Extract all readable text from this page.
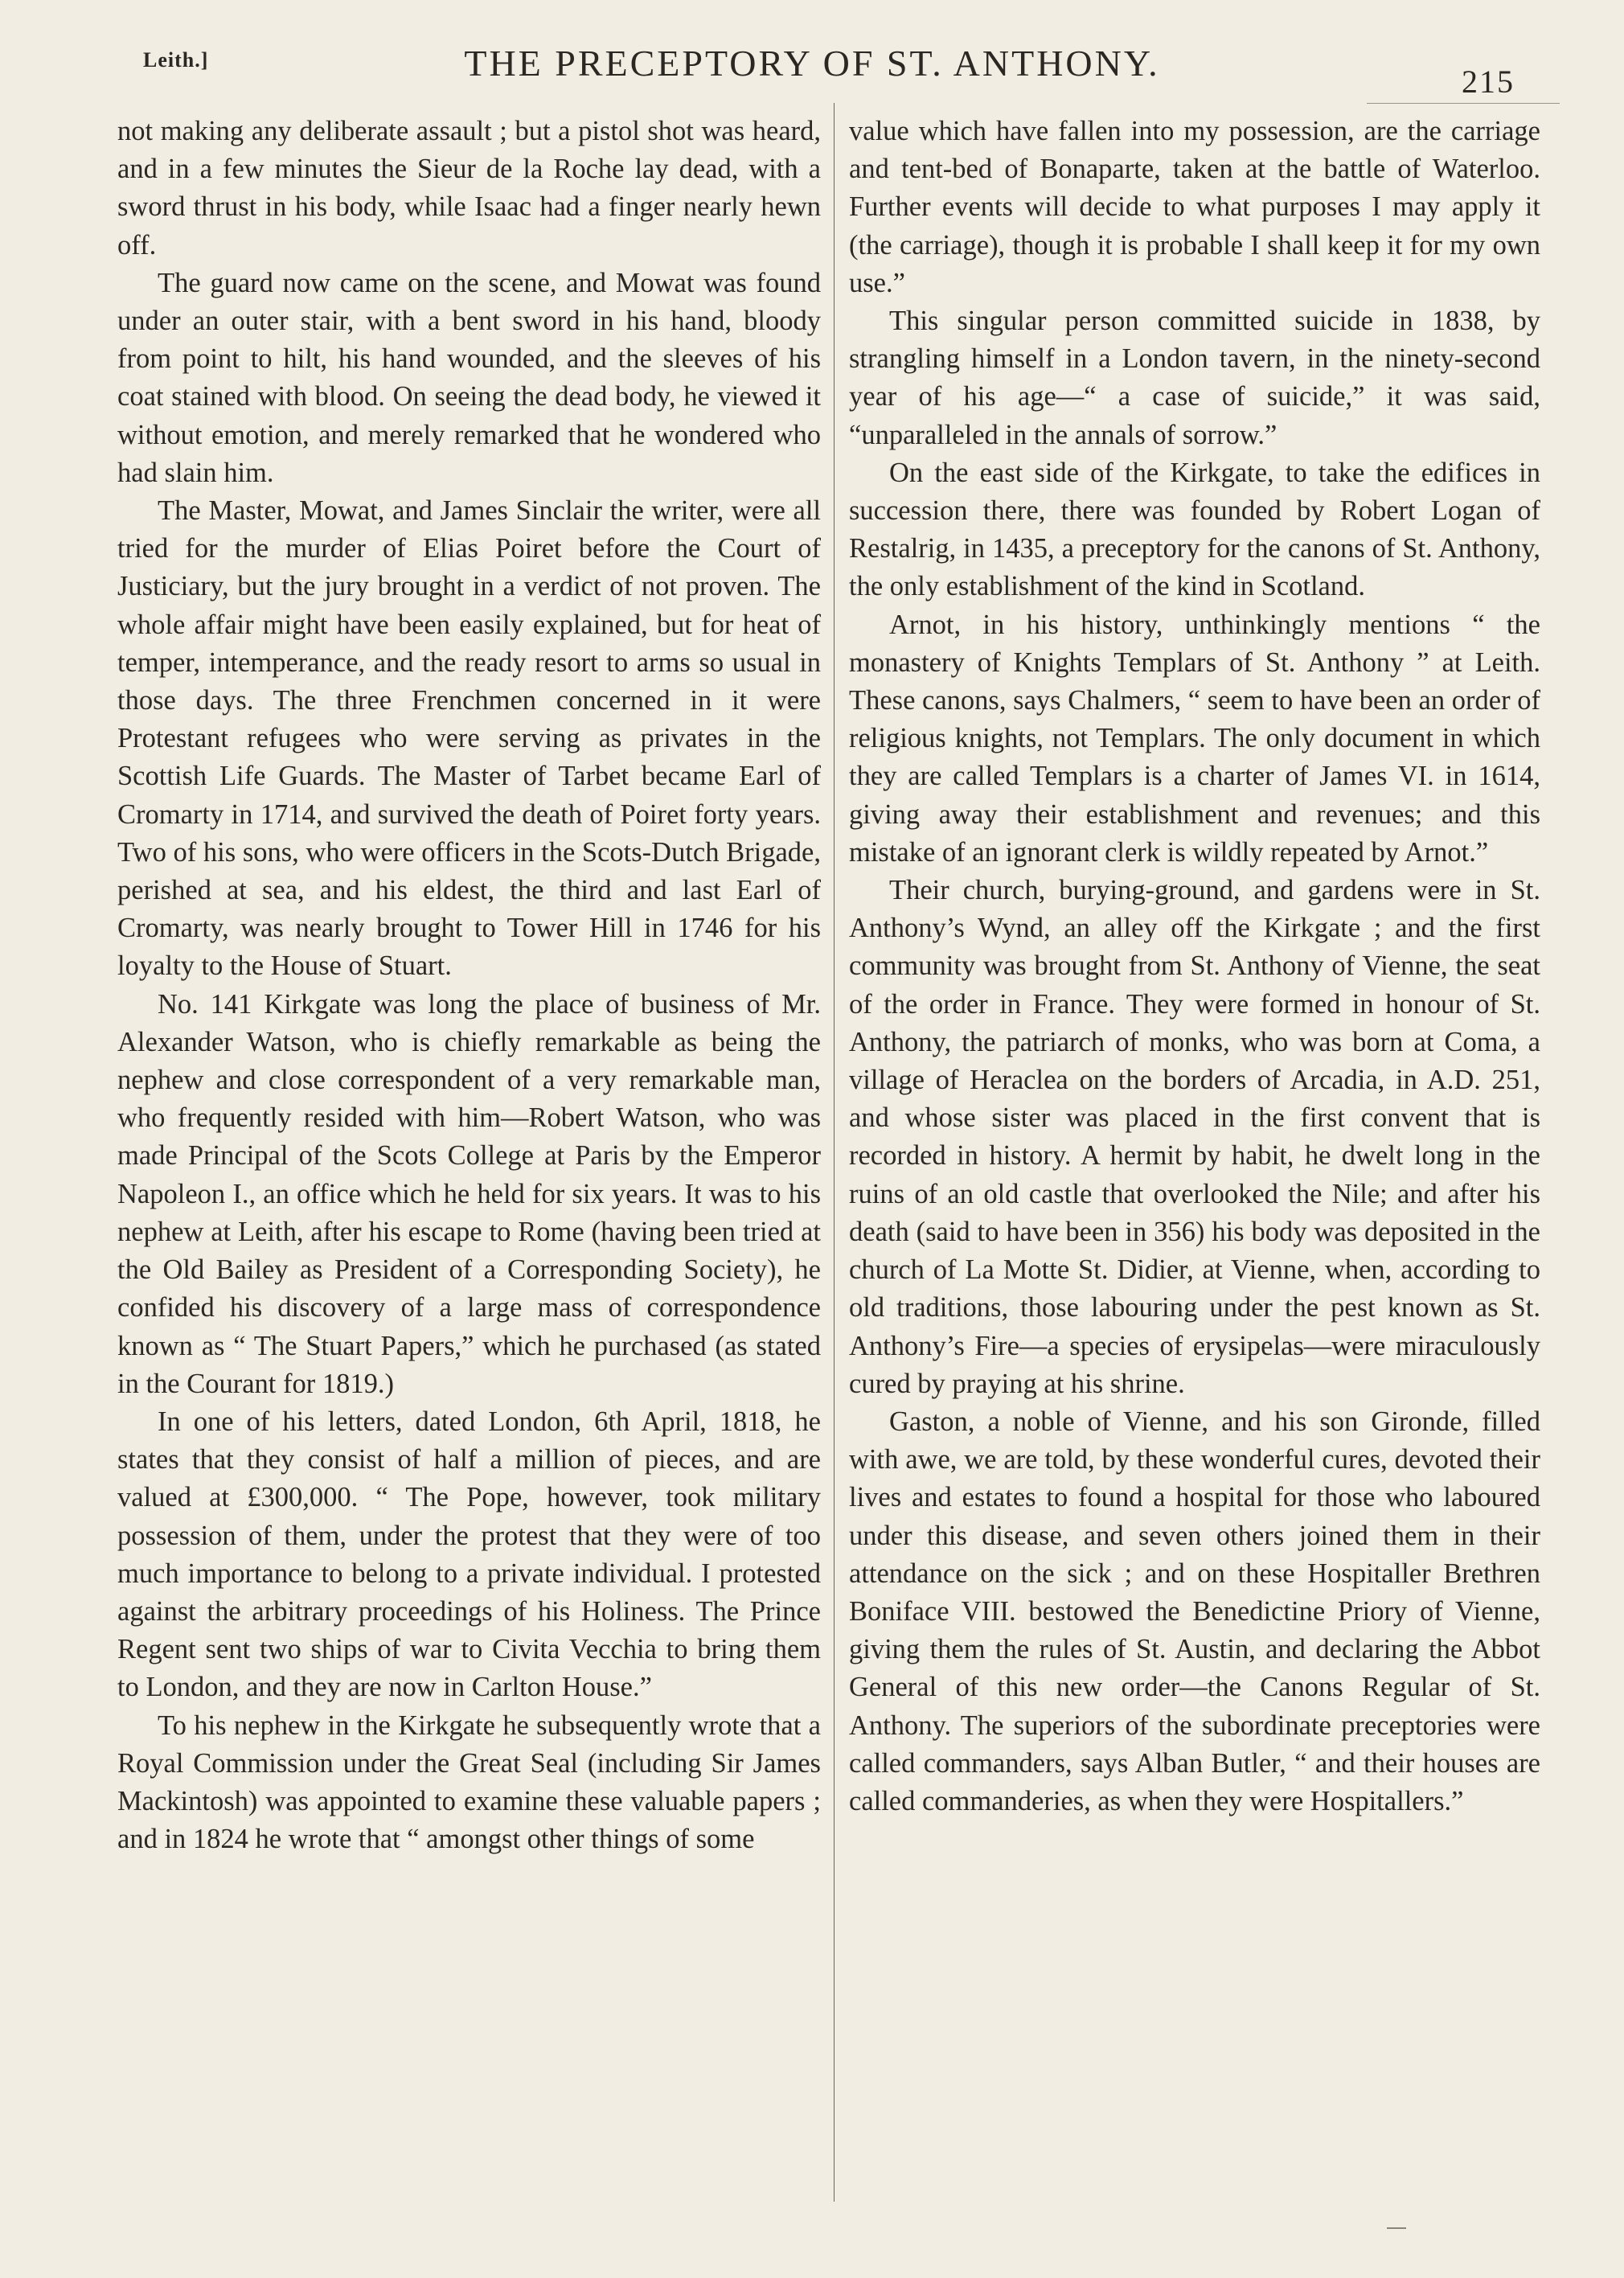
Leith.]	THE PRECEPTORY OF ST. ANTHONY.	215

not making any deliberate assault ; but a pistol shot was heard, and in a few minutes the Sieur de la Roche lay dead, with a sword thrust in his body, while Isaac had a finger nearly hewn off.

The guard now came on the scene, and Mowat was found under an outer stair, with a bent sword in his hand, bloody from point to hilt, his hand wounded, and the sleeves of his coat stained with blood. On seeing the dead body, he viewed it without emotion, and merely remarked that he wondered who had slain him.

The Master, Mowat, and James Sinclair the writer, were all tried for the murder of Elias Poiret before the Court of Justiciary, but the jury brought in a verdict of not proven. The whole affair might have been easily explained, but for heat of temper, intemperance, and the ready resort to arms so usual in those days. The three Frenchmen concerned in it were Protestant refugees who were serving as privates in the Scottish Life Guards. The Master of Tarbet became Earl of Cromarty in 1714, and survived the death of Poiret forty years. Two of his sons, who were officers in the Scots-Dutch Brigade, perished at sea, and his eldest, the third and last Earl of Cromarty, was nearly brought to Tower Hill in 1746 for his loyalty to the House of Stuart.

No. 141 Kirkgate was long the place of business of Mr. Alexander Watson, who is chiefly remarkable as being the nephew and close correspondent of a very remarkable man, who frequently resided with him—Robert Watson, who was made Principal of the Scots College at Paris by the Emperor Napoleon I., an office which he held for six years. It was to his nephew at Leith, after his escape to Rome (having been tried at the Old Bailey as President of a Corresponding Society), he confided his discovery of a large mass of correspondence known as “ The Stuart Papers,” which he purchased (as stated in the Courant for 1819.)

In one of his letters, dated London, 6th April, 1818, he states that they consist of half a million of pieces, and are valued at £300,000. “ The Pope, however, took military possession of them, under the protest that they were of too much importance to belong to a private individual. I protested against the arbitrary proceedings of his Holiness. The Prince Regent sent two ships of war to Civita Vecchia to bring them to London, and they are now in Carlton House.”

To his nephew in the Kirkgate he subsequently wrote that a Royal Commission under the Great Seal (including Sir James Mackintosh) was appointed to examine these valuable papers ; and in 1824 he wrote that “ amongst other things of some

value which have fallen into my possession, are the carriage and tent-bed of Bonaparte, taken at the battle of Waterloo. Further events will decide to what purposes I may apply it (the carriage), though it is probable I shall keep it for my own use.”

This singular person committed suicide in 1838, by strangling himself in a London tavern, in the ninety-second year of his age—“ a case of suicide,” it was said, “unparalleled in the annals of sorrow.”

On the east side of the Kirkgate, to take the edifices in succession there, there was founded by Robert Logan of Restalrig, in 1435, a preceptory for the canons of St. Anthony, the only establishment of the kind in Scotland.

Arnot, in his history, unthinkingly mentions “ the monastery of Knights Templars of St. Anthony ” at Leith. These canons, says Chalmers, “ seem to have been an order of religious knights, not Templars. The only document in which they are called Templars is a charter of James VI. in 1614, giving away their establishment and revenues; and this mistake of an ignorant clerk is wildly repeated by Arnot.”

Their church, burying-ground, and gardens were in St. Anthony’s Wynd, an alley off the Kirkgate ; and the first community was brought from St. Anthony of Vienne, the seat of the order in France. They were formed in honour of St. Anthony, the patriarch of monks, who was born at Coma, a village of Heraclea on the borders of Arcadia, in A.D. 251, and whose sister was placed in the first convent that is recorded in history. A hermit by habit, he dwelt long in the ruins of an old castle that overlooked the Nile; and after his death (said to have been in 356) his body was deposited in the church of La Motte St. Didier, at Vienne, when, according to old traditions, those labouring under the pest known as St. Anthony’s Fire—a species of erysipelas—were miraculously cured by praying at his shrine.

Gaston, a noble of Vienne, and his son Gironde, filled with awe, we are told, by these wonderful cures, devoted their lives and estates to found a hospital for those who laboured under this disease, and seven others joined them in their attendance on the sick ; and on these Hospitaller Brethren Boniface VIII. bestowed the Benedictine Priory of Vienne, giving them the rules of St. Austin, and declaring the Abbot General of this new order—the Canons Regular of St. Anthony. The superiors of the subordinate preceptories were called commanders, says Alban Butler, “ and their houses are called commanderies, as when they were Hospitallers.”
